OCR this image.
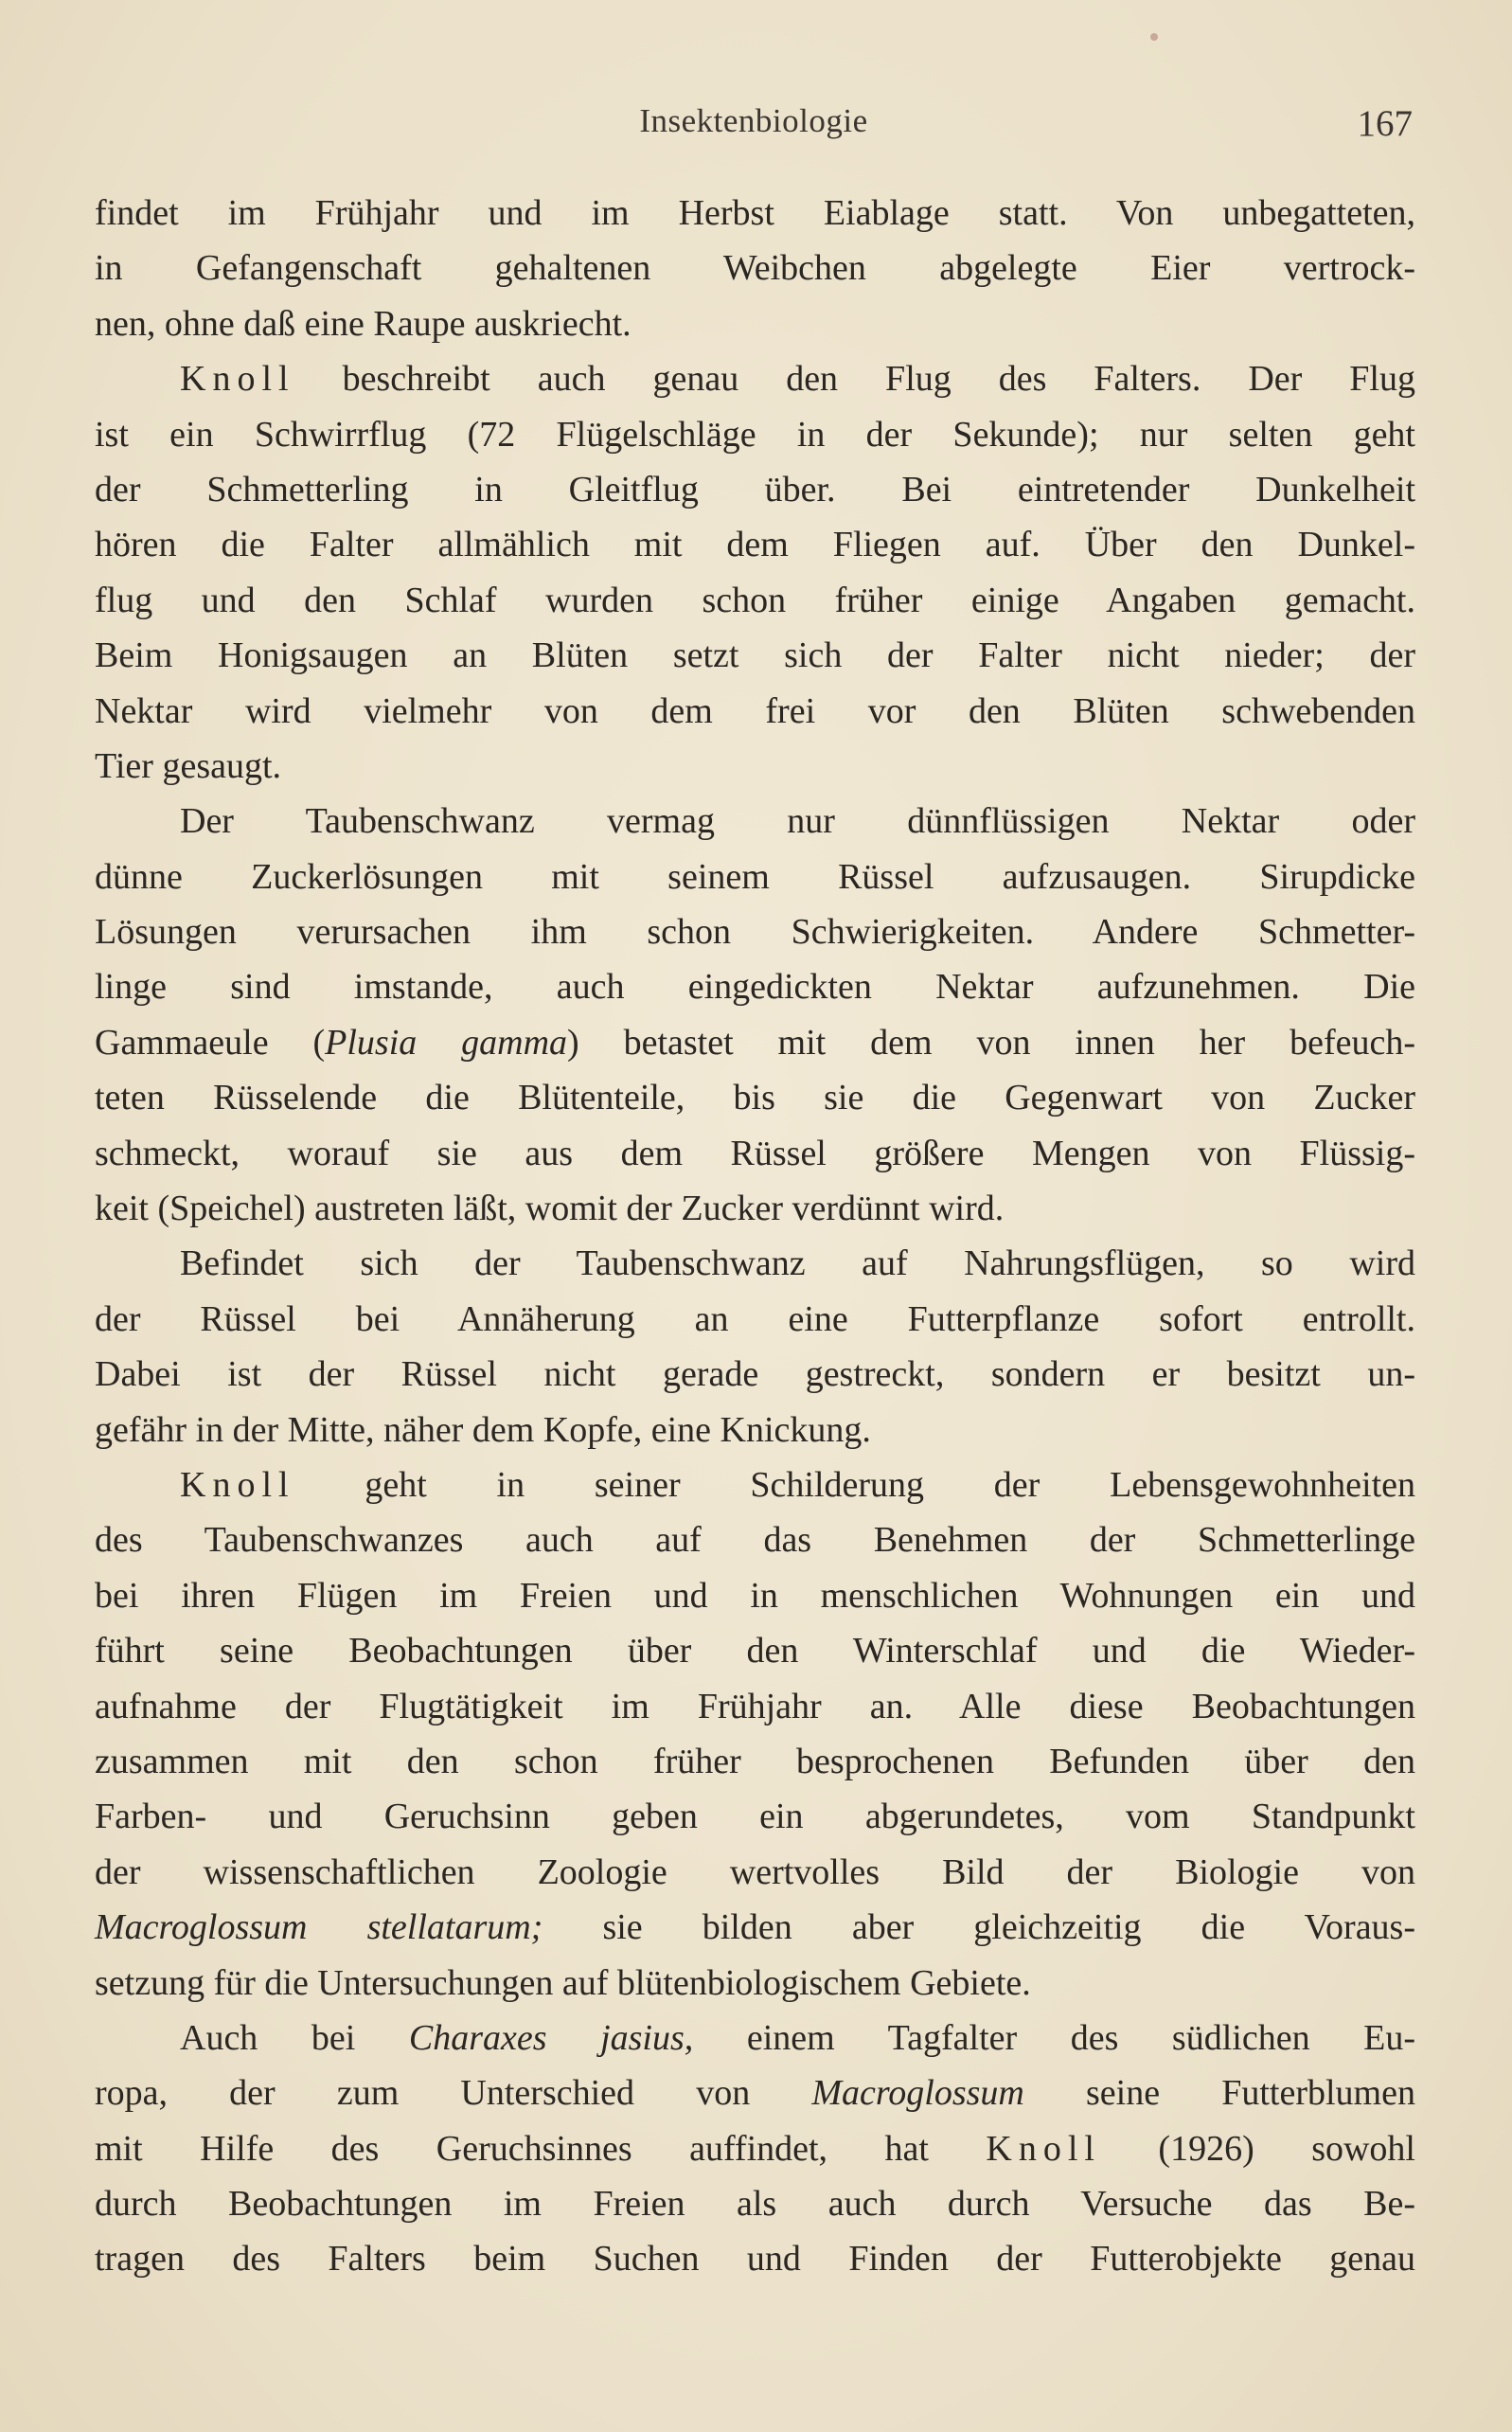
Insektenbiologie	167
findet im Frühjahr und im Herbst Eiablage statt. Von unbegatteten,
in Gefangenschaft gehaltenen Weibchen abgelegte Eier vertrock-
nen, ohne daß eine Raupe auskriecht.
Knoll beschreibt auch genau den Flug des Falters. Der Flug
ist ein Schwirrflug (72 Flügelschläge in der Sekunde); nur selten geht
der Schmetterling in Gleitflug über. Bei eintretender Dunkelheit
hören die Falter allmählich mit dem Fliegen auf. Über den Dunkel-
flug und den Schlaf wurden schon früher einige Angaben gemacht.
Beim Honigsaugen an Blüten setzt sich der Falter nicht nieder; der
Nektar wird vielmehr von dem frei vor den Blüten schwebenden
Tier gesaugt.
Der Taubenschwanz vermag nur dünnflüssigen Nektar oder
dünne Zuckerlösungen mit seinem Rüssel aufzusaugen. Sirupdicke
Lösungen verursachen ihm schon Schwierigkeiten. Andere Schmetter-
linge sind imstande, auch eingedickten Nektar aufzunehmen. Die
Gammaeule (Plusia gamma) betastet mit dem von innen her befeuch-
teten Rüsselende die Blütenteile, bis sie die Gegenwart von Zucker
schmeckt, worauf sie aus dem Rüssel größere Mengen von Flüssig-
keit (Speichel) austreten läßt, womit der Zucker verdünnt wird.
Befindet sich der Taubenschwanz auf Nahrungsflügen, so wird
der Rüssel bei Annäherung an eine Futterpflanze sofort entrollt.
Dabei ist der Rüssel nicht gerade gestreckt, sondern er besitzt un-
gefähr in der Mitte, näher dem Kopfe, eine Knickung.
Knoll geht in seiner Schilderung der Lebensgewohnheiten
des Taubenschwanzes auch auf das Benehmen der Schmetterlinge
bei ihren Flügen im Freien und in menschlichen Wohnungen ein und
führt seine Beobachtungen über den Winterschlaf und die Wieder-
aufnahme der Flugtätigkeit im Frühjahr an. Alle diese Beobachtungen
zusammen mit den schon früher besprochenen Befunden über den
Farben- und Geruchsinn geben ein abgerundetes, vom Standpunkt
der wissenschaftlichen Zoologie wertvolles Bild der Biologie von
Macroglossum stellatarum; sie bilden aber gleichzeitig die Voraus-
setzung für die Untersuchungen auf blütenbiologischem Gebiete.
Auch bei Charaxes jasius, einem Tagfalter des südlichen Eu-
ropa, der zum Unterschied von Macroglossum seine Futterblumen
mit Hilfe des Geruchsinnes auffindet, hat Knoll (1926) sowohl
durch Beobachtungen im Freien als auch durch Versuche das Be-
tragen des Falters beim Suchen und Finden der Futterobjekte genau
